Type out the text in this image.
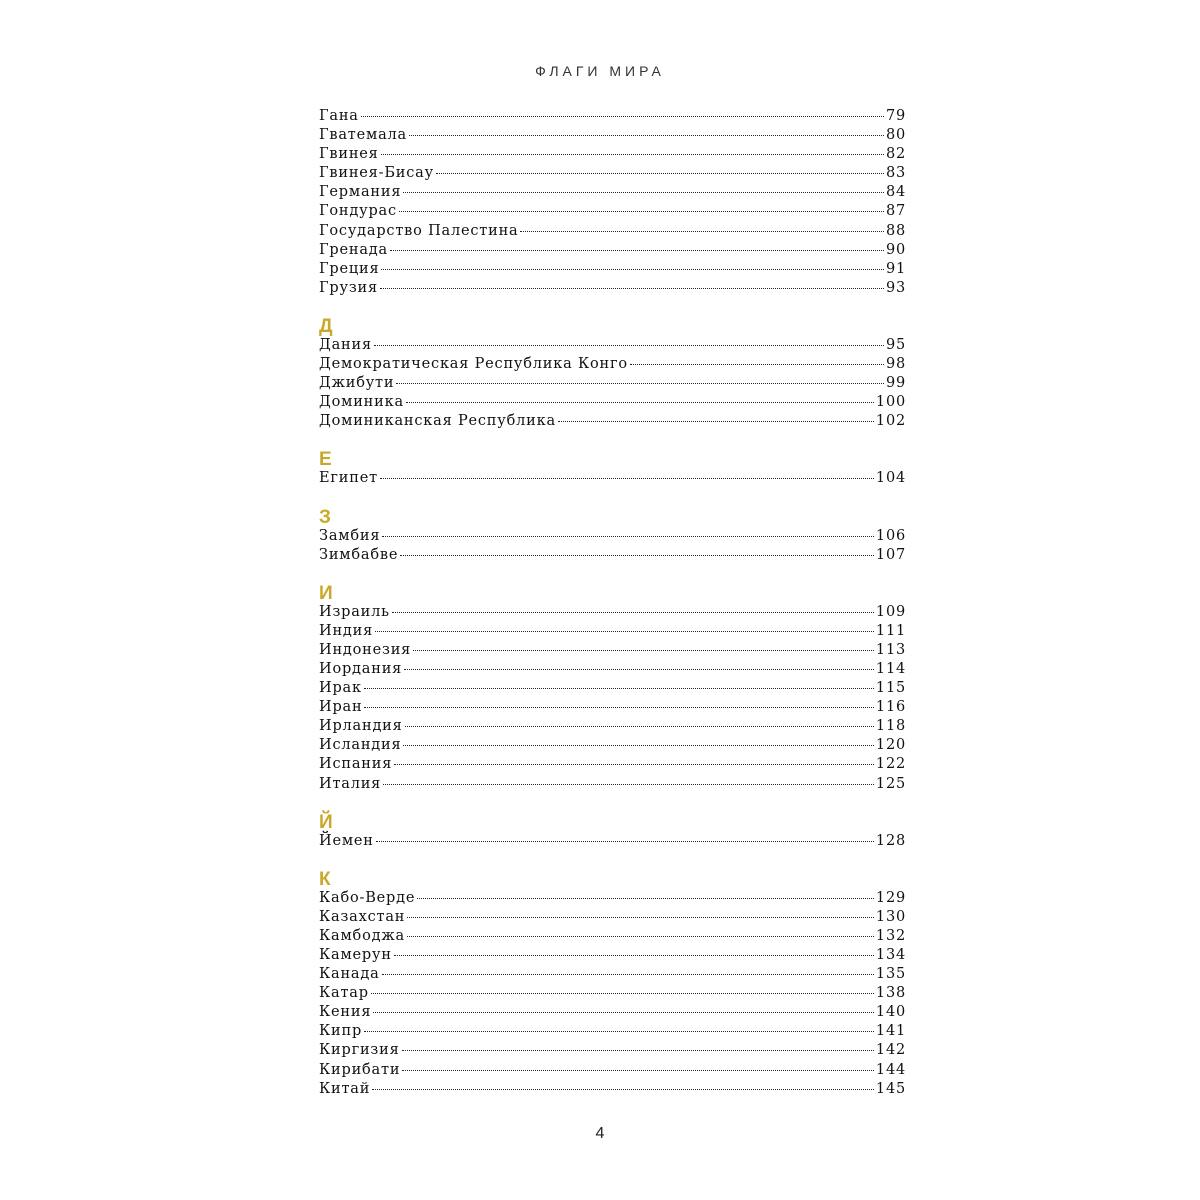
ФЛАГИ МИРА
Гана	79
Гватемала	80
Гвинея	82
Гвинея-Бисау	83
Германия	84
Гондурас	87
Государство Палестина	88
Гренада	90
Греция	91
Грузия	93
Д
Дания	95
Демократическая Республика Конго	98
Джибути	99
Доминика	100
Доминиканская Республика	102
Е
Египет	104
З
Замбия	106
Зимбабве	107
И
Израиль	109
Индия	111
Индонезия	113
Иордания	114
Ирак	115
Иран	116
Ирландия	118
Исландия	120
Испания	122
Италия	125
Й
Йемен	128
К
Кабо-Верде	129
Казахстан	130
Камбоджа	132
Камерун	134
Канада	135
Катар	138
Кения	140
Кипр	141
Киргизия	142
Кирибати	144
Китай	145
4
